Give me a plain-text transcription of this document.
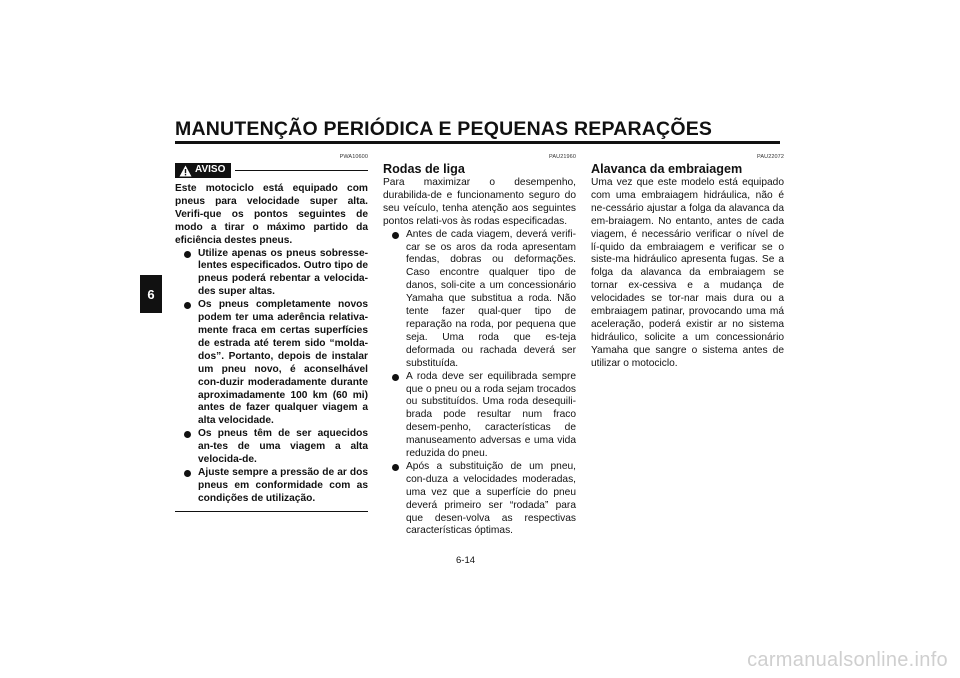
MANUTENÇÃO PERIÓDICA E PEQUENAS REPARAÇÕES
6
PWA10600
AVISO
Este motociclo está equipado com pneus para velocidade super alta. Verifi-que os pontos seguintes de modo a tirar o máximo partido da eficiência destes pneus.
Utilize apenas os pneus sobresse-lentes especificados. Outro tipo de pneus poderá rebentar a velocida-des super altas.
Os pneus completamente novos podem ter uma aderência relativa-mente fraca em certas superfícies de estrada até terem sido “molda-dos”. Portanto, depois de instalar um pneu novo, é aconselhável con-duzir moderadamente durante aproximadamente 100 km (60 mi) antes de fazer qualquer viagem a alta velocidade.
Os pneus têm de ser aquecidos an-tes de uma viagem a alta velocida-de.
Ajuste sempre a pressão de ar dos pneus em conformidade com as condições de utilização.
PAU21960
Rodas de liga
Para maximizar o desempenho, durabilida-de e funcionamento seguro do seu veículo, tenha atenção aos seguintes pontos relati-vos às rodas especificadas.
Antes de cada viagem, deverá verifi-car se os aros da roda apresentam fendas, dobras ou deformações. Caso encontre qualquer tipo de danos, soli-cite a um concessionário Yamaha que substitua a roda. Não tente fazer qual-quer tipo de reparação na roda, por pequena que seja. Uma roda que es-teja deformada ou rachada deverá ser substituída.
A roda deve ser equilibrada sempre que o pneu ou a roda sejam trocados ou substituídos. Uma roda desequili-brada pode resultar num fraco desem-penho, características de manuseamento adversas e uma vida reduzida do pneu.
Após a substituição de um pneu, con-duza a velocidades moderadas, uma vez que a superfície do pneu deverá primeiro ser “rodada” para que desen-volva as respectivas características óptimas.
PAU22072
Alavanca da embraiagem
Uma vez que este modelo está equipado com uma embraiagem hidráulica, não é ne-cessário ajustar a folga da alavanca da em-braiagem. No entanto, antes de cada viagem, é necessário verificar o nível de lí-quido da embraiagem e verificar se o siste-ma hidráulico apresenta fugas. Se a folga da alavanca da embraiagem se tornar ex-cessiva e a mudança de velocidades se tor-nar mais dura ou a embraiagem patinar, provocando uma má aceleração, poderá existir ar no sistema hidráulico, solicite a um concessionário Yamaha que sangre o sistema antes de utilizar o motociclo.
6-14
carmanualsonline.info
